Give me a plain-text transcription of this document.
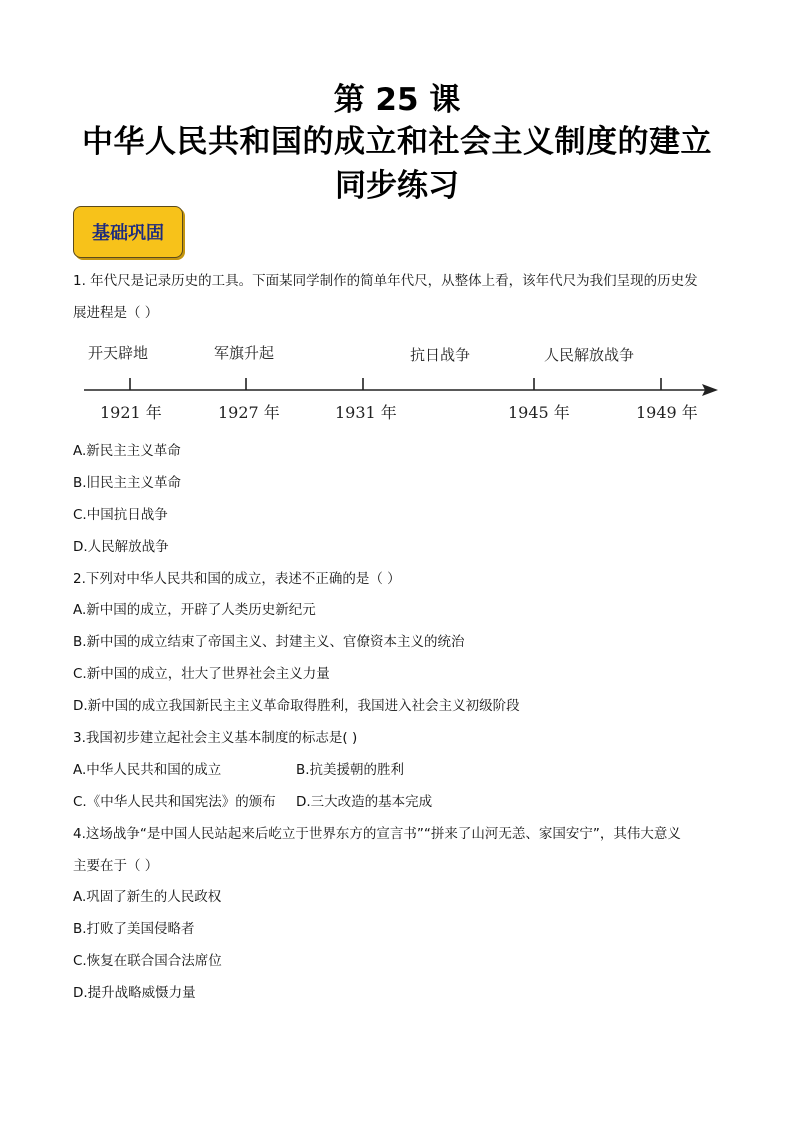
第 25 课
中华人民共和国的成立和社会主义制度的建立
同步练习
基础巩固
1. 年代尺是记录历史的工具。下面某同学制作的简单年代尺，从整体上看，该年代尺为我们呈现的历史发
展进程是（ ）
开天辟地	军旗升起	抗日战争	人民解放战争
1921 年	1927 年	1931 年	1945 年	1949 年
A.新民主主义革命
B.旧民主主义革命
C.中国抗日战争
D.人民解放战争
2.下列对中华人民共和国的成立，表述不正确的是（ ）
A.新中国的成立，开辟了人类历史新纪元
B.新中国的成立结束了帝国主义、封建主义、官僚资本主义的统治
C.新中国的成立，壮大了世界社会主义力量
D.新中国的成立我国新民主主义革命取得胜利，我国进入社会主义初级阶段
3.我国初步建立起社会主义基本制度的标志是( )
A.中华人民共和国的成立	B.抗美援朝的胜利
C.《中华人民共和国宪法》的颁布 D.三大改造的基本完成
4.这场战争“是中国人民站起来后屹立于世界东方的宣言书”“拼来了山河无恙、家国安宁”，其伟大意义
主要在于（ ）
A.巩固了新生的人民政权
B.打败了美国侵略者
C.恢复在联合国合法席位
D.提升战略威慑力量
